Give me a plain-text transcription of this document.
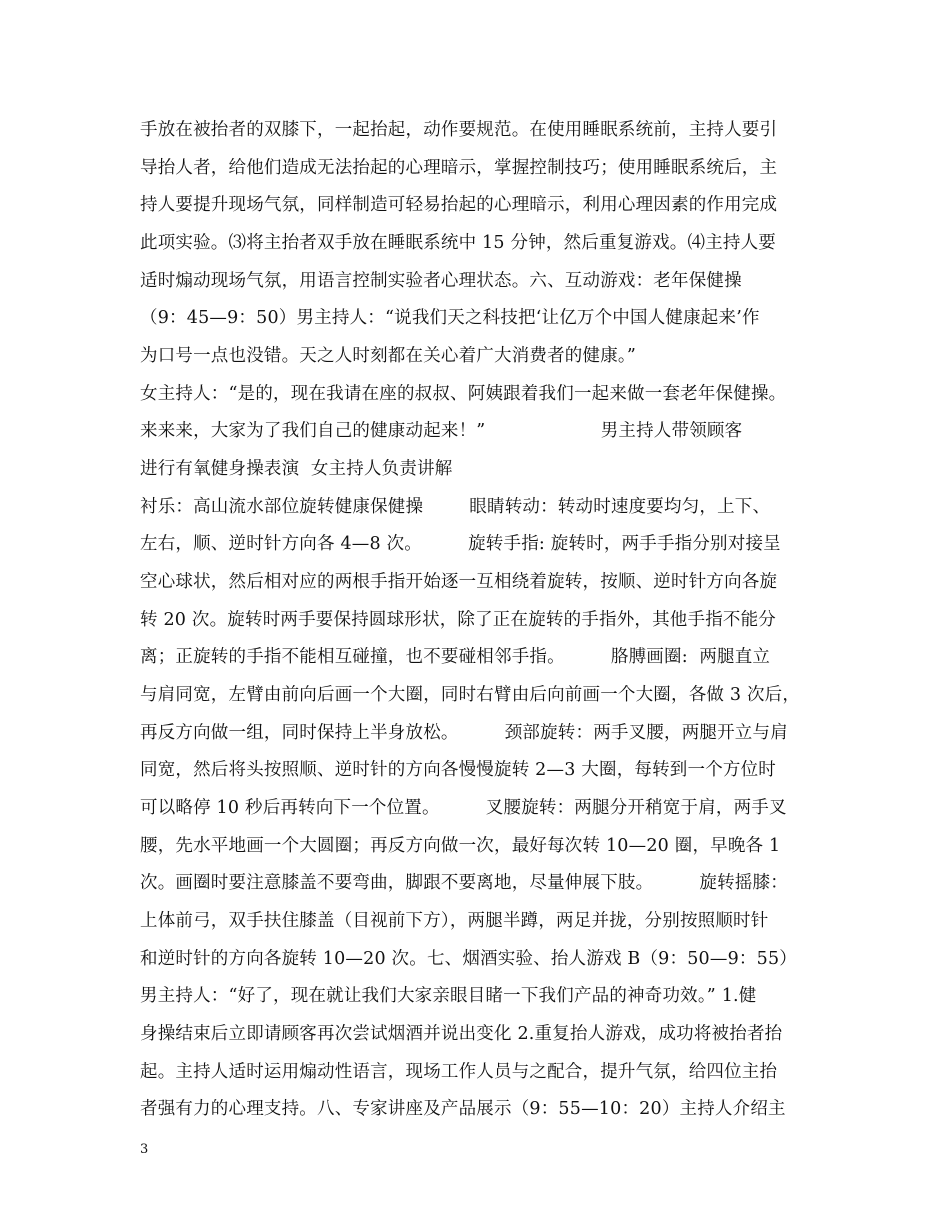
手放在被抬者的双膝下，一起抬起，动作要规范。在使用睡眠系统前，主持人要引
导抬人者，给他们造成无法抬起的心理暗示，掌握控制技巧；使用睡眠系统后，主
持人要提升现场气氛，同样制造可轻易抬起的心理暗示，利用心理因素的作用完成
此项实验。⑶将主抬者双手放在睡眠系统中 15 分钟，然后重复游戏。⑷主持人要
适时煽动现场气氛，用语言控制实验者心理状态。六、互动游戏：老年保健操
（9：45—9：50）男主持人：“说我们天之科技把‘让亿万个中国人健康起来’作
为口号一点也没错。天之人时刻都在关心着广大消费者的健康。”
女主持人：“是的，现在我请在座的叔叔、阿姨跟着我们一起来做一套老年保健操。
来来来，大家为了我们自己的健康动起来！”                    男主持人带领顾客
进行有氧健身操表演  女主持人负责讲解
衬乐：高山流水部位旋转健康保健操        眼睛转动：转动时速度要均匀，上下、
左右，顺、逆时针方向各 4—8 次。        旋转手指: 旋转时，两手手指分别对接呈
空心球状，然后相对应的两根手指开始逐一互相绕着旋转，按顺、逆时针方向各旋
转 20 次。旋转时两手要保持圆球形状，除了正在旋转的手指外，其他手指不能分
离；正旋转的手指不能相互碰撞，也不要碰相邻手指。        胳膊画圈:  两腿直立
与肩同宽，左臂由前向后画一个大圈，同时右臂由后向前画一个大圈，各做 3 次后，
再反方向做一组，同时保持上半身放松。        颈部旋转：两手叉腰，两腿开立与肩
同宽，然后将头按照顺、逆时针的方向各慢慢旋转 2—3 大圈，每转到一个方位时
可以略停 10 秒后再转向下一个位置。        叉腰旋转：两腿分开稍宽于肩，两手叉
腰，先水平地画一个大圆圈；再反方向做一次，最好每次转 10—20 圈，早晚各 1
次。画圈时要注意膝盖不要弯曲，脚跟不要离地，尽量伸展下肢。        旋转摇膝：
上体前弓，双手扶住膝盖（目视前下方），两腿半蹲，两足并拢，分别按照顺时针
和逆时针的方向各旋转 10—20 次。七、烟酒实验、抬人游戏 B（9：50—9：55）
男主持人：“好了，现在就让我们大家亲眼目睹一下我们产品的神奇功效。” 1.健
身操结束后立即请顾客再次尝试烟酒并说出变化 2.重复抬人游戏，成功将被抬者抬
起。主持人适时运用煽动性语言，现场工作人员与之配合，提升气氛，给四位主抬
者强有力的心理支持。八、专家讲座及产品展示（9：55—10：20）主持人介绍主
3
